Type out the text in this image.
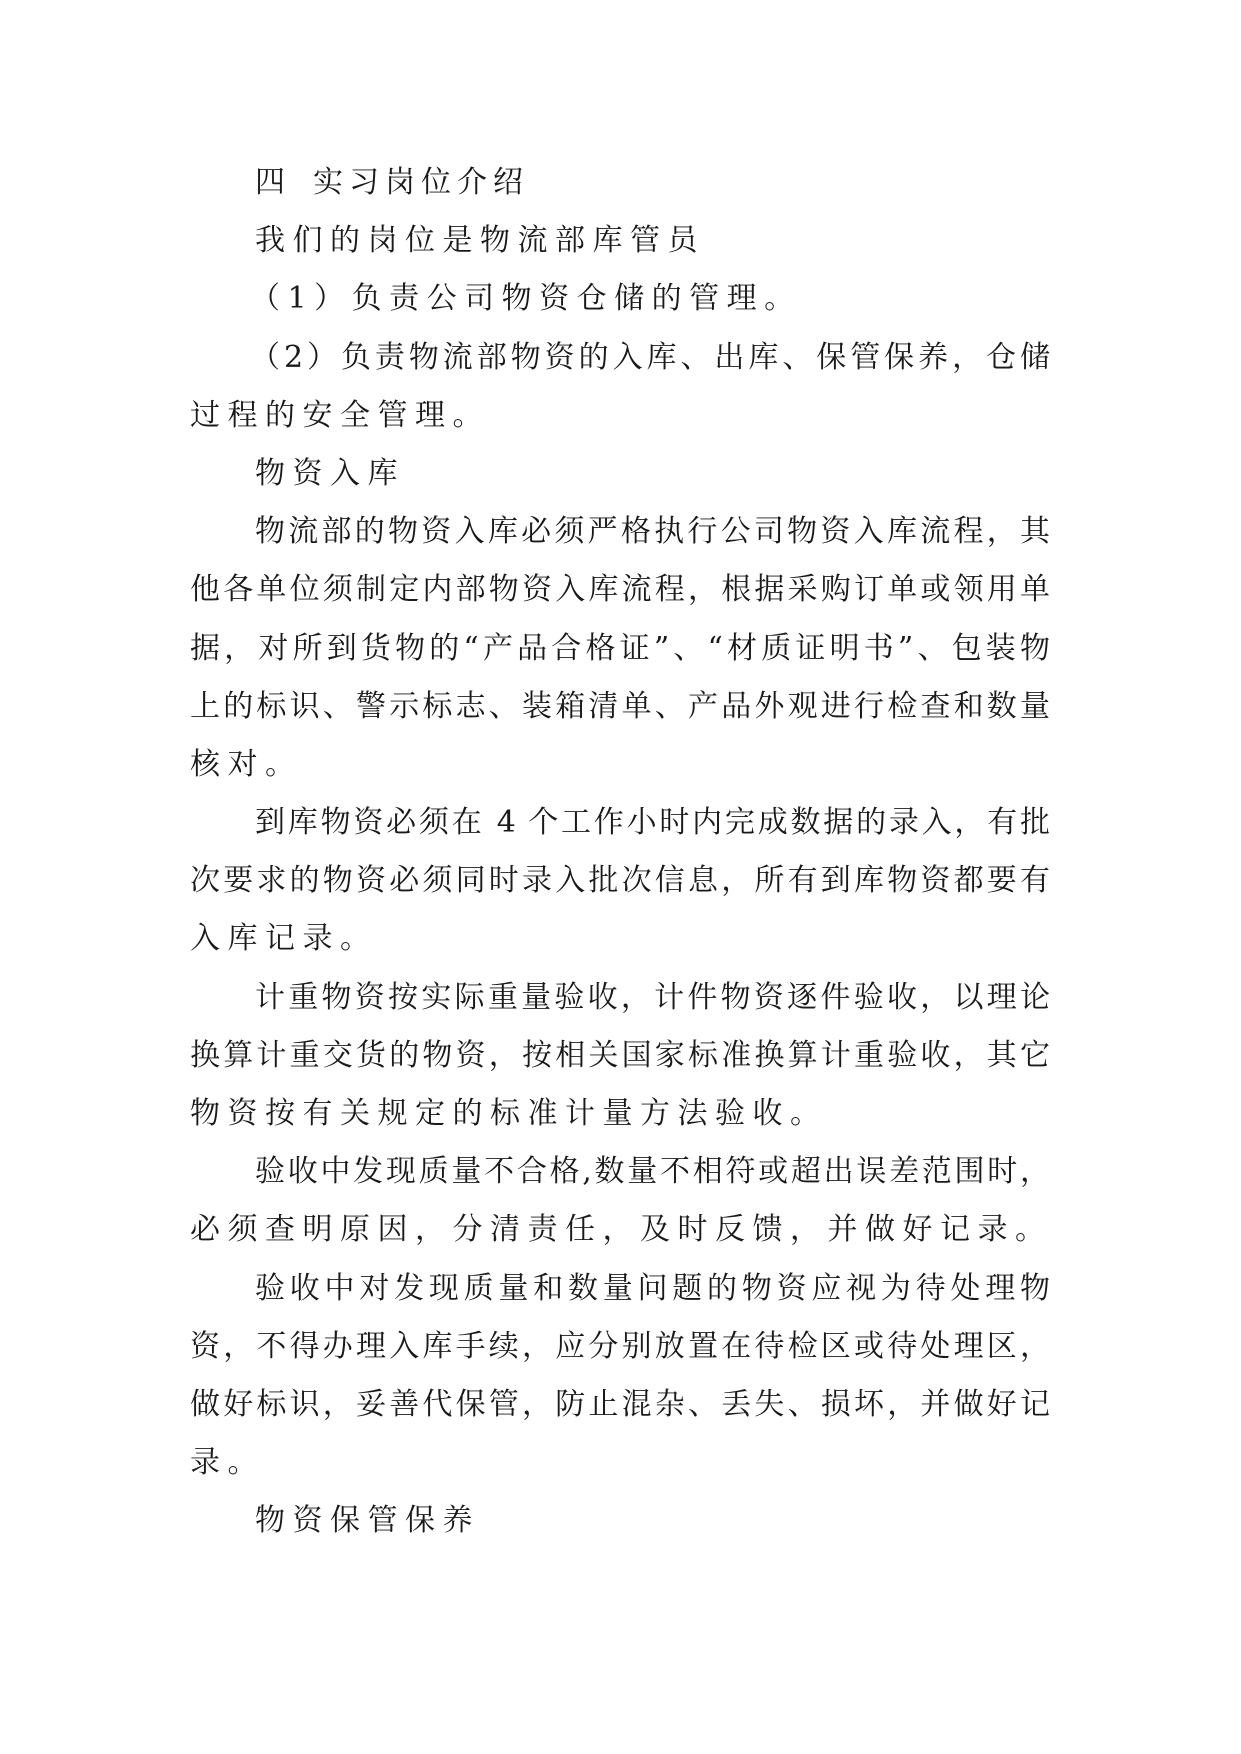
四 实习岗位介绍

我们的岗位是物流部库管员

（1）负责公司物资仓储的管理。

（2）负责物流部物资的入库、出库、保管保养，仓储

过程的安全管理。

物资入库

物流部的物资入库必须严格执行公司物资入库流程，其

他各单位须制定内部物资入库流程，根据采购订单或领用单

据，对所到货物的“产品合格证”、“材质证明书”、包装物

上的标识、警示标志、装箱清单、产品外观进行检查和数量

核对。

到库物资必须在 4 个工作小时内完成数据的录入，有批

次要求的物资必须同时录入批次信息，所有到库物资都要有

入库记录。

计重物资按实际重量验收，计件物资逐件验收，以理论

换算计重交货的物资，按相关国家标准换算计重验收，其它

物资按有关规定的标准计量方法验收。

验收中发现质量不合格,数量不相符或超出误差范围时，

必须查明原因，分清责任，及时反馈，并做好记录。

验收中对发现质量和数量问题的物资应视为待处理物

资，不得办理入库手续，应分别放置在待检区或待处理区，

做好标识，妥善代保管，防止混杂、丢失、损坏，并做好记

录。

物资保管保养
